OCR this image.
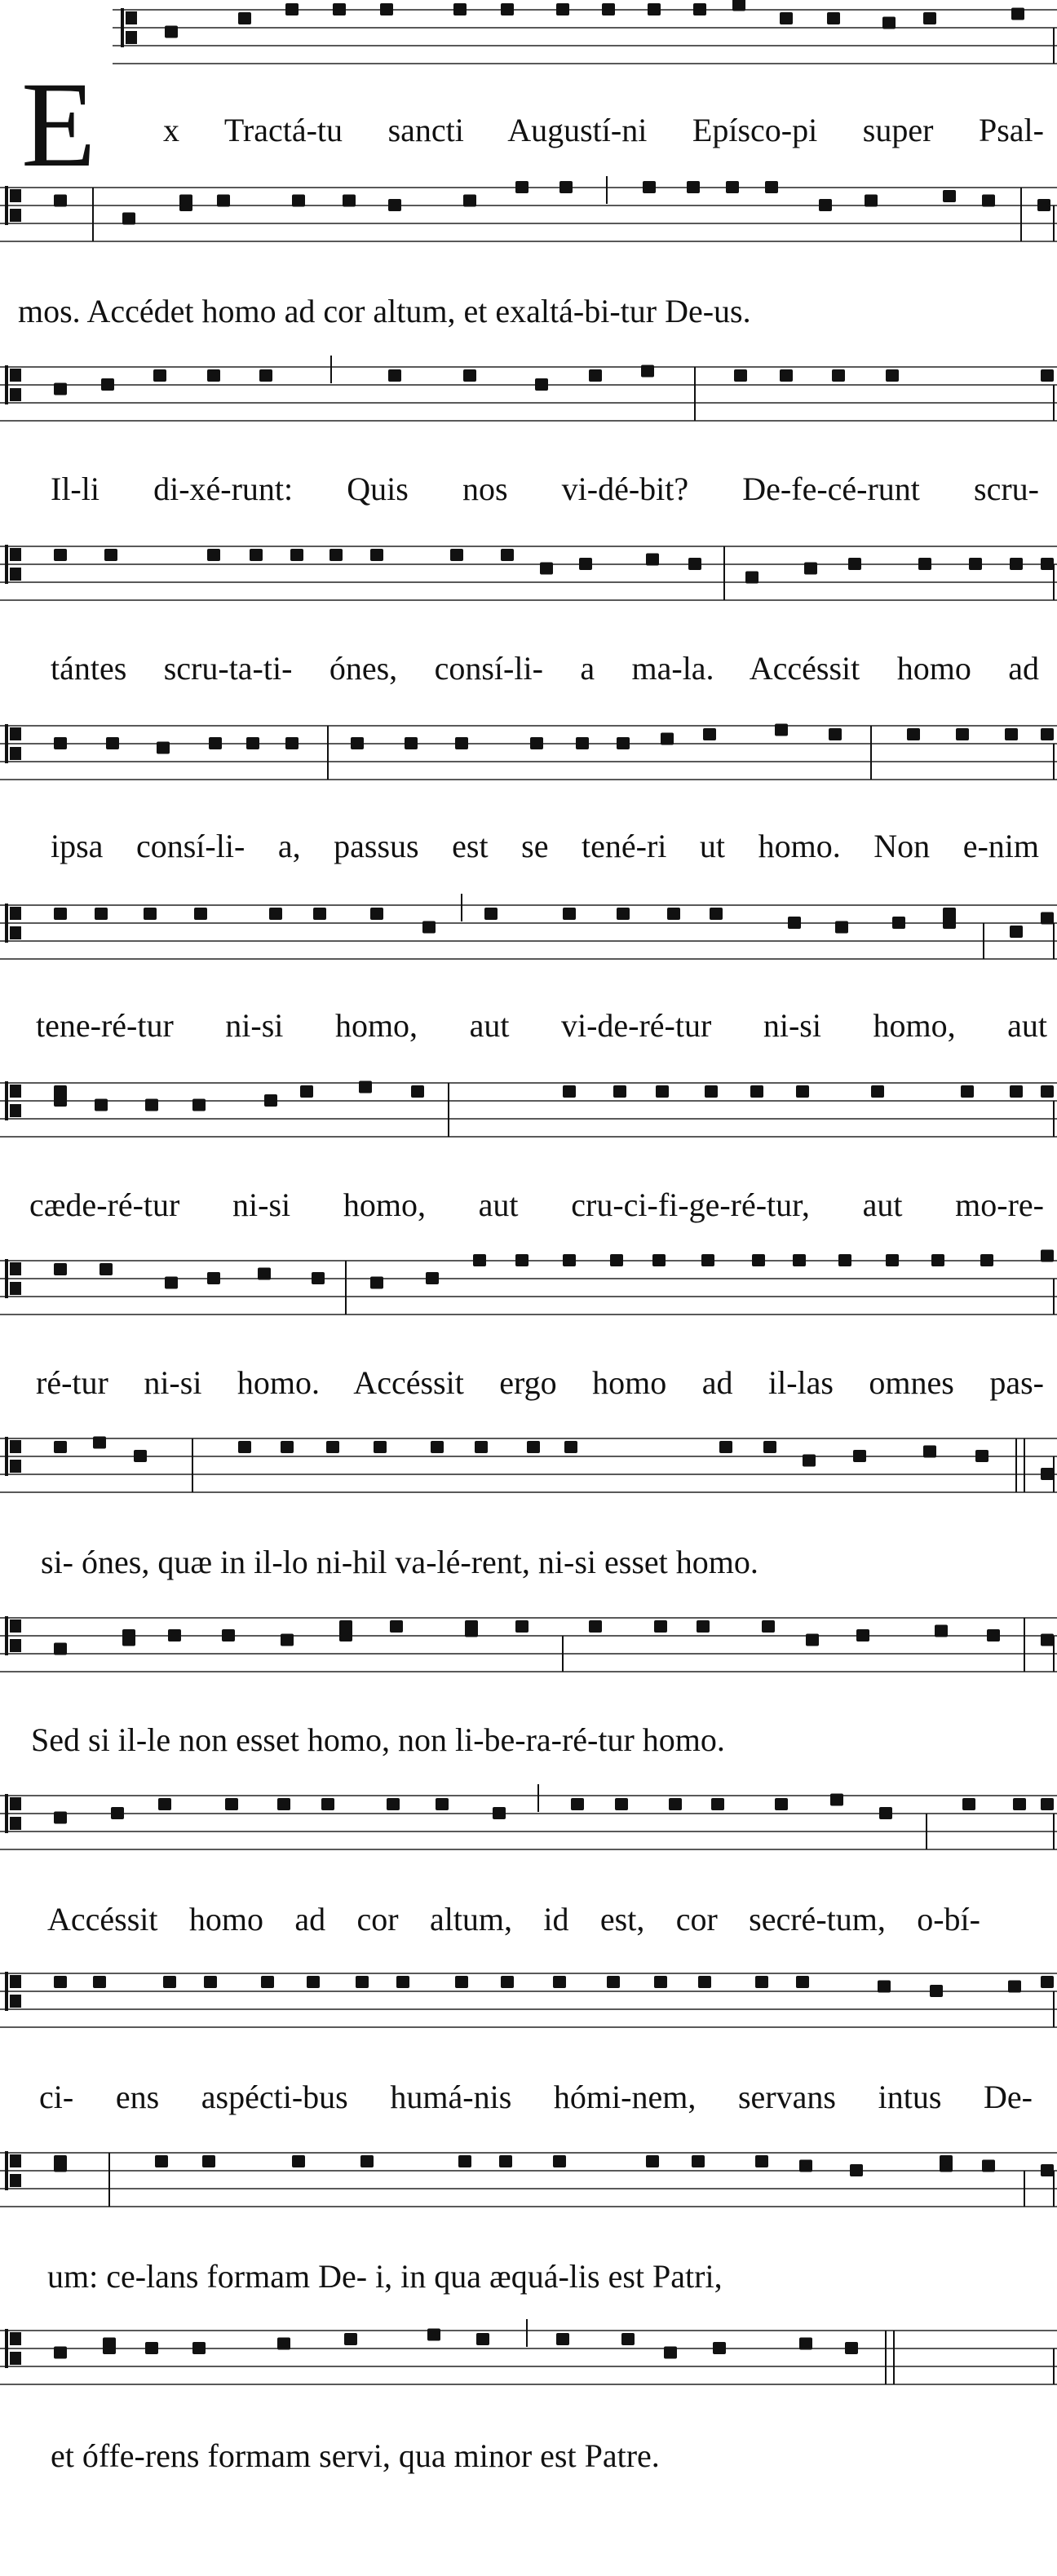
E x Tractá-tu sancti Augustí-ni Epísco-pi super Psal-
mos. Accédet homo ad cor altum, et exaltá-bi-tur De-us.
Il-li di-xé-runt: Quis nos vi-dé-bit? De-fe-cé-runt scru-
tántes scru-ta-ti- ónes, consí-li- a ma-la. Accéssit homo ad
ipsa consí-li- a, passus est se tené-ri ut homo. Non e-nim
tene-ré-tur ni-si homo, aut vi-de-ré-tur ni-si homo, aut
cæde-ré-tur ni-si homo, aut cru-ci-fi-ge-ré-tur, aut mo-re-
ré-tur ni-si homo. Accéssit ergo homo ad il-las omnes pas-
si- ónes, quæ in il-lo ni-hil va-lé-rent, ni-si esset homo.
Sed si il-le non esset homo, non li-be-ra-ré-tur homo.
Accéssit homo ad cor altum, id est, cor secré-tum, o-bí-
ci- ens aspécti-bus humá-nis hómi-nem, servans intus De-
um: ce-lans formam De- i, in qua æquá-lis est Patri,
et óffe-rens formam servi, qua minor est Patre.
